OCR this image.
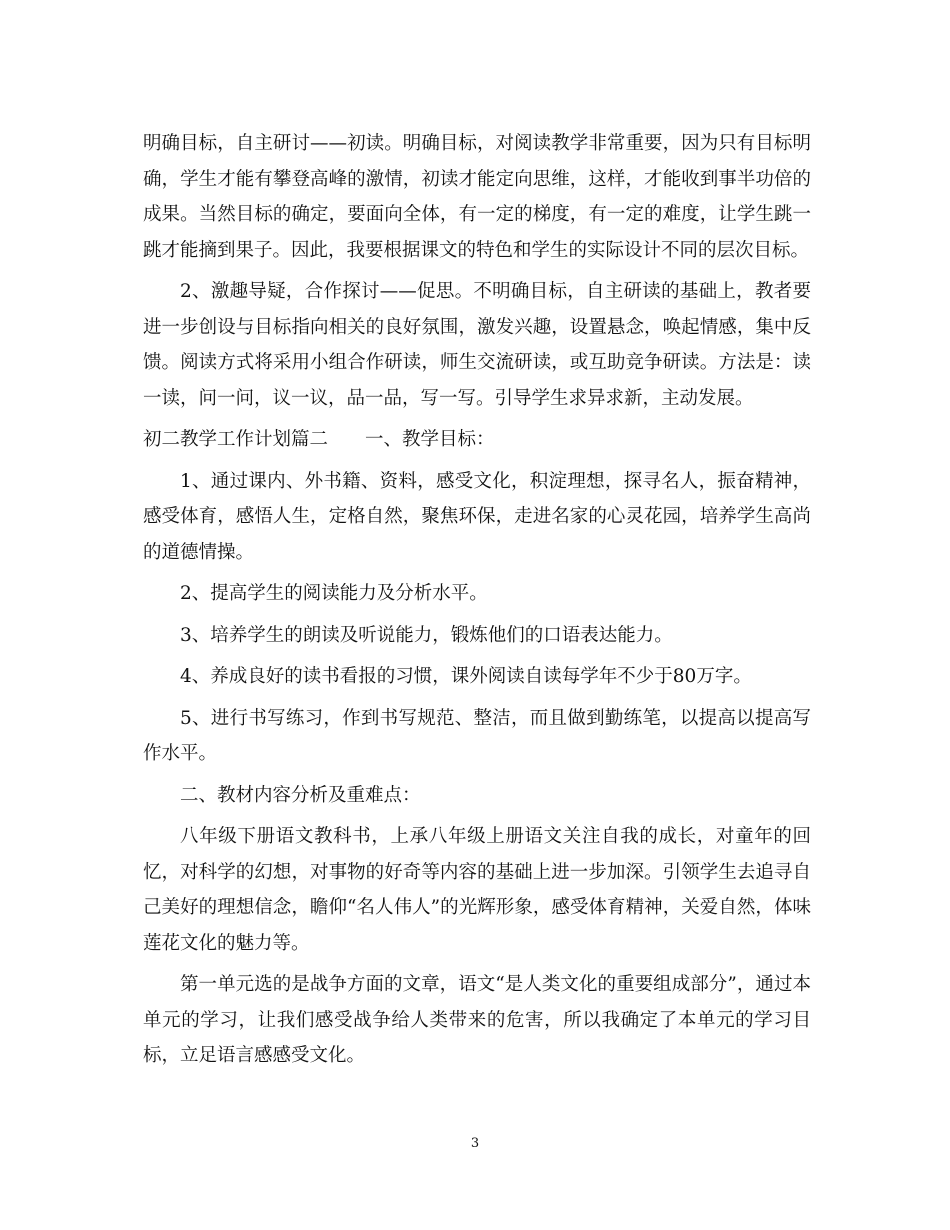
明确目标，自主研讨——初读。明确目标，对阅读教学非常重要，因为只有目标明确，学生才能有攀登高峰的激情，初读才能定向思维，这样，才能收到事半功倍的成果。当然目标的确定，要面向全体，有一定的梯度，有一定的难度，让学生跳一跳才能摘到果子。因此，我要根据课文的特色和学生的实际设计不同的层次目标。

2、激趣导疑，合作探讨——促思。不明确目标，自主研读的基础上，教者要进一步创设与目标指向相关的良好氛围，激发兴趣，设置悬念，唤起情感，集中反馈。阅读方式将采用小组合作研读，师生交流研读，或互助竞争研读。方法是：读一读，问一问，议一议，品一品，写一写。引导学生求异求新，主动发展。

初二教学工作计划篇二　　一、教学目标：

1、通过课内、外书籍、资料，感受文化，积淀理想，探寻名人，振奋精神，感受体育，感悟人生，定格自然，聚焦环保，走进名家的心灵花园，培养学生高尚的道德情操。

2、提高学生的阅读能力及分析水平。

3、培养学生的朗读及听说能力，锻炼他们的口语表达能力。

4、养成良好的读书看报的习惯，课外阅读自读每学年不少于80万字。

5、进行书写练习，作到书写规范、整洁，而且做到勤练笔，以提高以提高写作水平。

二、教材内容分析及重难点：

八年级下册语文教科书，上承八年级上册语文关注自我的成长，对童年的回忆，对科学的幻想，对事物的好奇等内容的基础上进一步加深。引领学生去追寻自己美好的理想信念，瞻仰“名人伟人”的光辉形象，感受体育精神，关爱自然，体味莲花文化的魅力等。

第一单元选的是战争方面的文章，语文“是人类文化的重要组成部分”，通过本单元的学习，让我们感受战争给人类带来的危害，所以我确定了本单元的学习目标，立足语言感感受文化。

3
